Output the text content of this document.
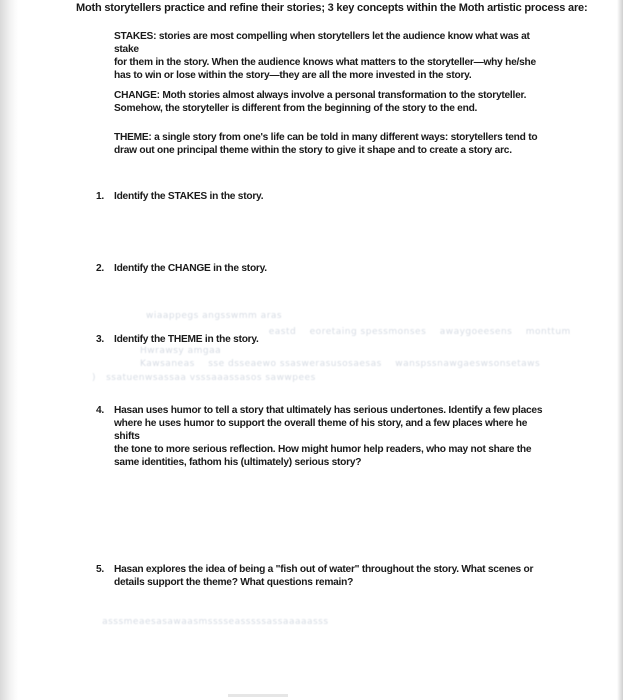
Moth storytellers practice and refine their stories; 3 key concepts within the Moth artistic process are:
STAKES: stories are most compelling when storytellers let the audience know what was at stake
for them in the story. When the audience knows what matters to the storyteller—why he/she
has to win or lose within the story—they are all the more invested in the story.
CHANGE: Moth stories almost always involve a personal transformation to the storyteller.
Somehow, the storyteller is different from the beginning of the story to the end.
THEME: a single story from one's life can be told in many different ways: storytellers tend to
draw out one principal theme within the story to give it shape and to create a story arc.
1. Identify the STAKES in the story.
2. Identify the CHANGE in the story.
wiaappegs angsswmm aras
3. Identify the THEME in the story.
eastd    eoretaing spessmonses    awaygoeesens    monttum
Hwrawsy amgaa
Kawsaneas    sse dsseaewo ssaswerasusosaesas    wanspssnawgaeswsonsetaws
)   ssatuenwsassaa vsssaaassasos sawwpees
4. Hasan uses humor to tell a story that ultimately has serious undertones. Identify a few places
where he uses humor to support the overall theme of his story, and a few places where he shifts
the tone to more serious reflection. How might humor help readers, who may not share the
same identities, fathom his (ultimately) serious story?
5. Hasan explores the idea of being a "fish out of water" throughout the story. What scenes or
details support the theme? What questions remain?
asssmeaesasawaasmsssseasssssassaaaaasss
